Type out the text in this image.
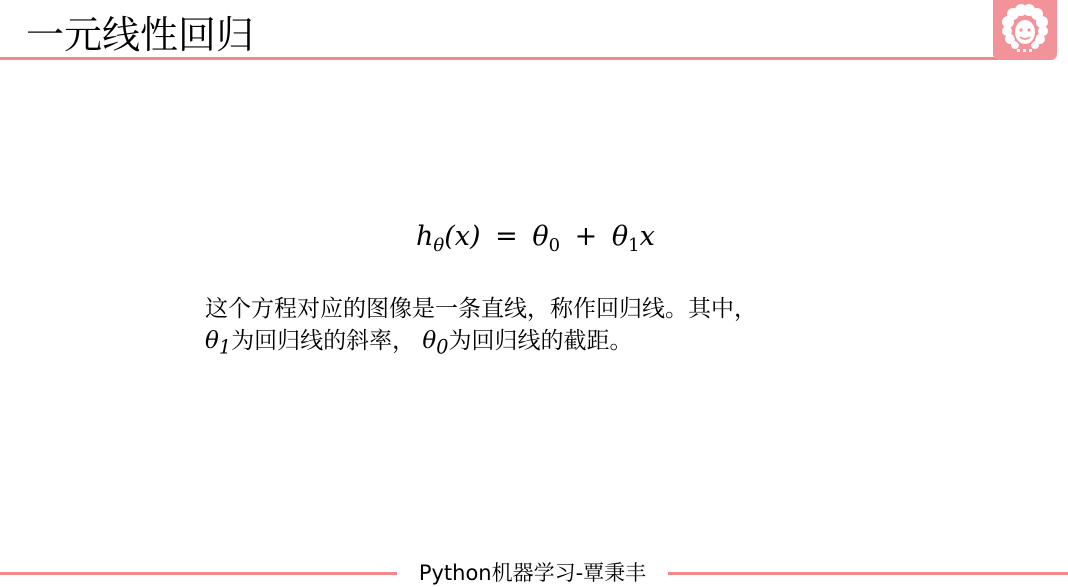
一元线性回归
$h_\theta(x) = \theta_0 + \theta_1x$

这个方程对应的图像是一条直线，称作回归线。其中，

$\theta_1$为回归线的斜率， $\theta_0$为回归线的截距。

Python机器学习-覃秉丰
